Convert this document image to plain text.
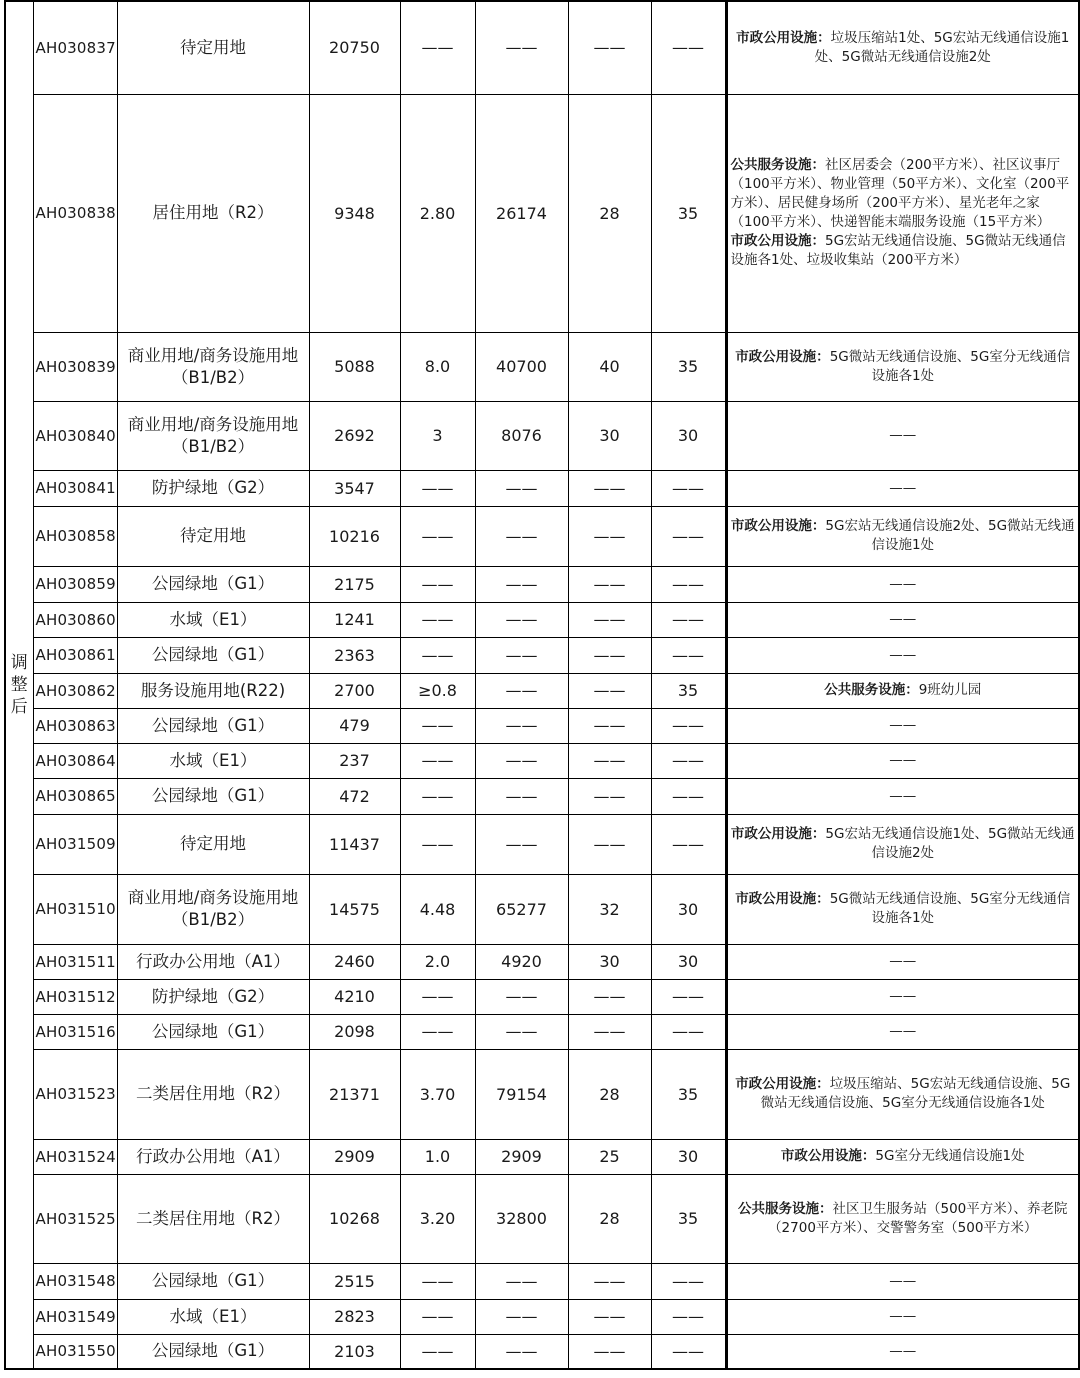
调整后	AH030837	待定用地	20750	——	——	——	——	市政公用设施：垃圾压缩站1处、5G宏站无线通信设施1处、5G微站无线通信设施2处
	AH030838	居住用地（R2）	9348	2.80	26174	28	35	公共服务设施：社区居委会（200平方米）、社区议事厅（100平方米）、物业管理（50平方米）、文化室（200平方米）、居民健身场所（200平方米）、星光老年之家（100平方米）、快递智能末端服务设施（15平方米）
市政公用设施：5G宏站无线通信设施、5G微站无线通信设施各1处、垃圾收集站（200平方米）
	AH030839	商业用地/商务设施用地（B1/B2）	5088	8.0	40700	40	35	市政公用设施：5G微站无线通信设施、5G室分无线通信设施各1处
	AH030840	商业用地/商务设施用地（B1/B2）	2692	3	8076	30	30	——
	AH030841	防护绿地（G2）	3547	——	——	——	——	——
	AH030858	待定用地	10216	——	——	——	——	市政公用设施：5G宏站无线通信设施2处、5G微站无线通信设施1处
	AH030859	公园绿地（G1）	2175	——	——	——	——	——
	AH030860	水域（E1）	1241	——	——	——	——	——
	AH030861	公园绿地（G1）	2363	——	——	——	——	——
	AH030862	服务设施用地(R22)	2700	≥0.8	——	——	35	公共服务设施：9班幼儿园
	AH030863	公园绿地（G1）	479	——	——	——	——	——
	AH030864	水域（E1）	237	——	——	——	——	——
	AH030865	公园绿地（G1）	472	——	——	——	——	——
	AH031509	待定用地	11437	——	——	——	——	市政公用设施：5G宏站无线通信设施1处、5G微站无线通信设施2处
	AH031510	商业用地/商务设施用地（B1/B2）	14575	4.48	65277	32	30	市政公用设施：5G微站无线通信设施、5G室分无线通信设施各1处
	AH031511	行政办公用地（A1）	2460	2.0	4920	30	30	——
	AH031512	防护绿地（G2）	4210	——	——	——	——	——
	AH031516	公园绿地（G1）	2098	——	——	——	——	——
	AH031523	二类居住用地（R2）	21371	3.70	79154	28	35	市政公用设施：垃圾压缩站、5G宏站无线通信设施、5G微站无线通信设施、5G室分无线通信设施各1处
	AH031524	行政办公用地（A1）	2909	1.0	2909	25	30	市政公用设施：5G室分无线通信设施1处
	AH031525	二类居住用地（R2）	10268	3.20	32800	28	35	公共服务设施：社区卫生服务站（500平方米）、养老院（2700平方米）、交警警务室（500平方米）
	AH031548	公园绿地（G1）	2515	——	——	——	——	——
	AH031549	水域（E1）	2823	——	——	——	——	——
	AH031550	公园绿地（G1）	2103	——	——	——	——	——
